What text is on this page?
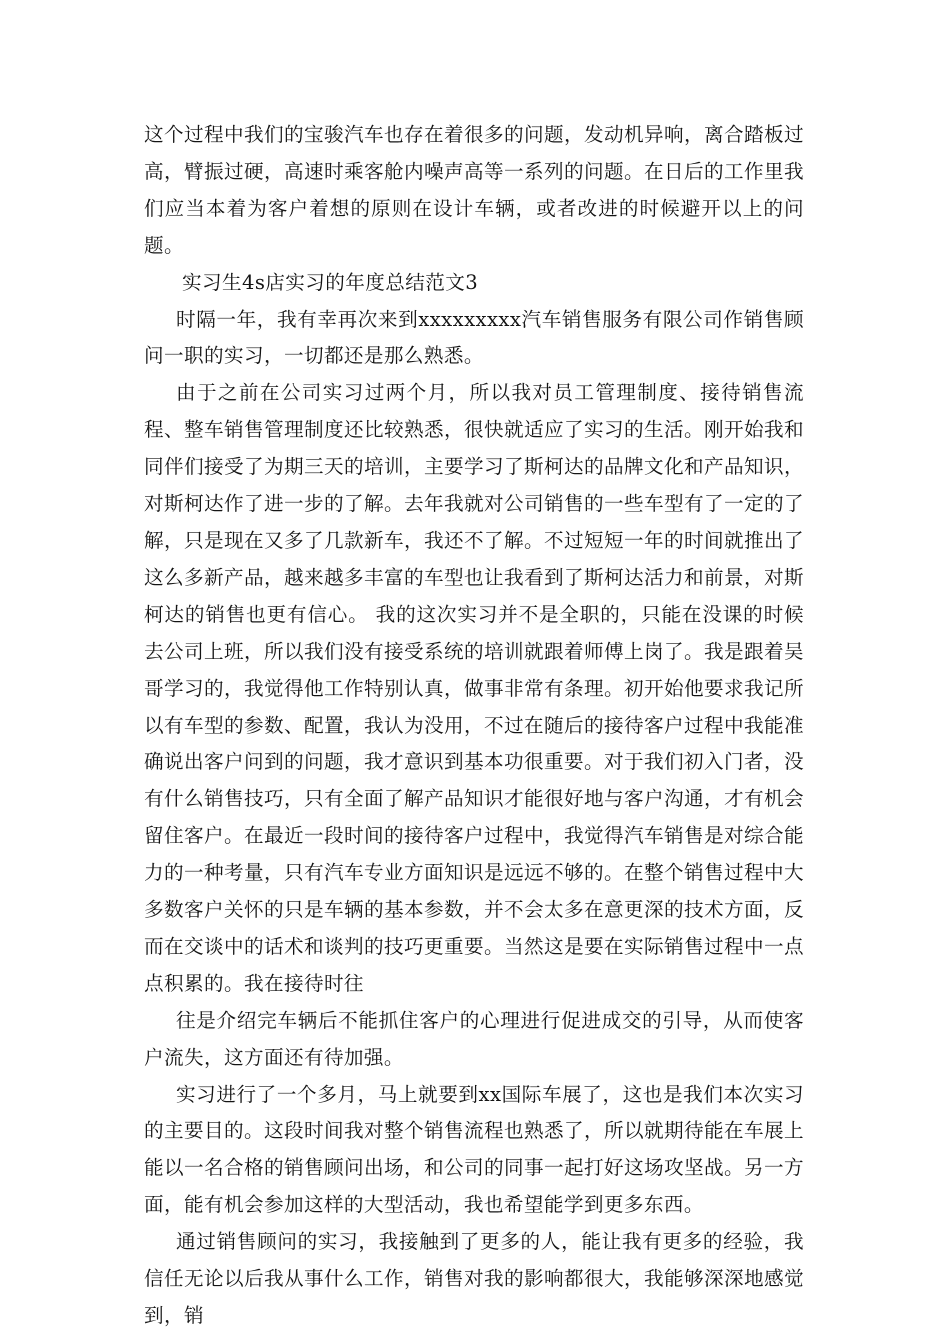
这个过程中我们的宝骏汽车也存在着很多的问题，发动机异响，离合踏板过高，臂振过硬，高速时乘客舱内噪声高等一系列的问题。在日后的工作里我们应当本着为客户着想的原则在设计车辆，或者改进的时候避开以上的问题。

实习生4s店实习的年度总结范文3

时隔一年，我有幸再次来到xxxxxxxxx汽车销售服务有限公司作销售顾问一职的实习，一切都还是那么熟悉。

由于之前在公司实习过两个月，所以我对员工管理制度、接待销售流程、整车销售管理制度还比较熟悉，很快就适应了实习的生活。刚开始我和同伴们接受了为期三天的培训，主要学习了斯柯达的品牌文化和产品知识，对斯柯达作了进一步的了解。去年我就对公司销售的一些车型有了一定的了解，只是现在又多了几款新车，我还不了解。不过短短一年的时间就推出了这么多新产品，越来越多丰富的车型也让我看到了斯柯达活力和前景，对斯柯达的销售也更有信心。 我的这次实习并不是全职的，只能在没课的时候去公司上班，所以我们没有接受系统的培训就跟着师傅上岗了。我是跟着吴哥学习的，我觉得他工作特别认真，做事非常有条理。初开始他要求我记所以有车型的参数、配置，我认为没用，不过在随后的接待客户过程中我能准确说出客户问到的问题，我才意识到基本功很重要。对于我们初入门者，没有什么销售技巧，只有全面了解产品知识才能很好地与客户沟通，才有机会留住客户。在最近一段时间的接待客户过程中，我觉得汽车销售是对综合能力的一种考量，只有汽车专业方面知识是远远不够的。在整个销售过程中大多数客户关怀的只是车辆的基本参数，并不会太多在意更深的技术方面，反而在交谈中的话术和谈判的技巧更重要。当然这是要在实际销售过程中一点点积累的。我在接待时往

往是介绍完车辆后不能抓住客户的心理进行促进成交的引导，从而使客户流失，这方面还有待加强。

实习进行了一个多月，马上就要到xx国际车展了，这也是我们本次实习的主要目的。这段时间我对整个销售流程也熟悉了，所以就期待能在车展上能以一名合格的销售顾问出场，和公司的同事一起打好这场攻坚战。另一方面，能有机会参加这样的大型活动，我也希望能学到更多东西。

通过销售顾问的实习，我接触到了更多的人，能让我有更多的经验，我信任无论以后我从事什么工作，销售对我的影响都很大，我能够深深地感觉到，销
